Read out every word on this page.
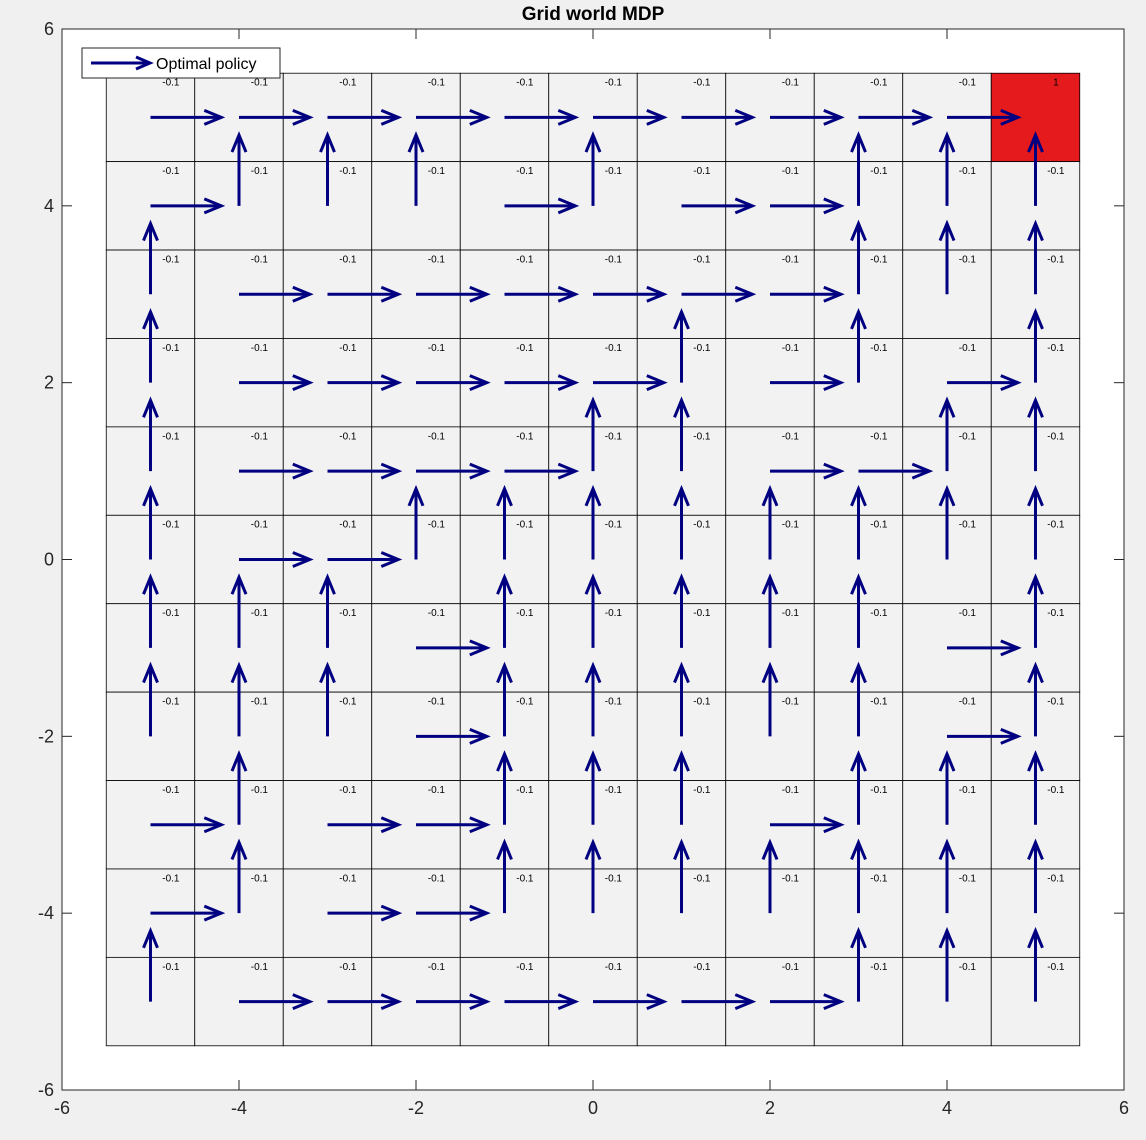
-0.1	-0.1	-0.1	-0.1	-0.1	-0.1	-0.1	-0.1	-0.1	-0.1	1
-0.1	-0.1	-0.1	-0.1	-0.1	-0.1	-0.1	-0.1	-0.1	-0.1	-0.1
-0.1	-0.1	-0.1	-0.1	-0.1	-0.1	-0.1	-0.1	-0.1	-0.1	-0.1
-0.1	-0.1	-0.1	-0.1	-0.1	-0.1	-0.1	-0.1	-0.1	-0.1	-0.1
-0.1	-0.1	-0.1	-0.1	-0.1	-0.1	-0.1	-0.1	-0.1	-0.1	-0.1
-0.1	-0.1	-0.1	-0.1	-0.1	-0.1	-0.1	-0.1	-0.1	-0.1	-0.1
-0.1	-0.1	-0.1	-0.1	-0.1	-0.1	-0.1	-0.1	-0.1	-0.1	-0.1
-0.1	-0.1	-0.1	-0.1	-0.1	-0.1	-0.1	-0.1	-0.1	-0.1	-0.1
-0.1	-0.1	-0.1	-0.1	-0.1	-0.1	-0.1	-0.1	-0.1	-0.1	-0.1
-0.1	-0.1	-0.1	-0.1	-0.1	-0.1	-0.1	-0.1	-0.1	-0.1	-0.1
-0.1	-0.1	-0.1	-0.1	-0.1	-0.1	-0.1	-0.1	-0.1	-0.1	-0.1
-6	-4	-2	0	2	4	6
-6
-4
-2
0
2
4
6
Grid world MDP
Optimal policy
